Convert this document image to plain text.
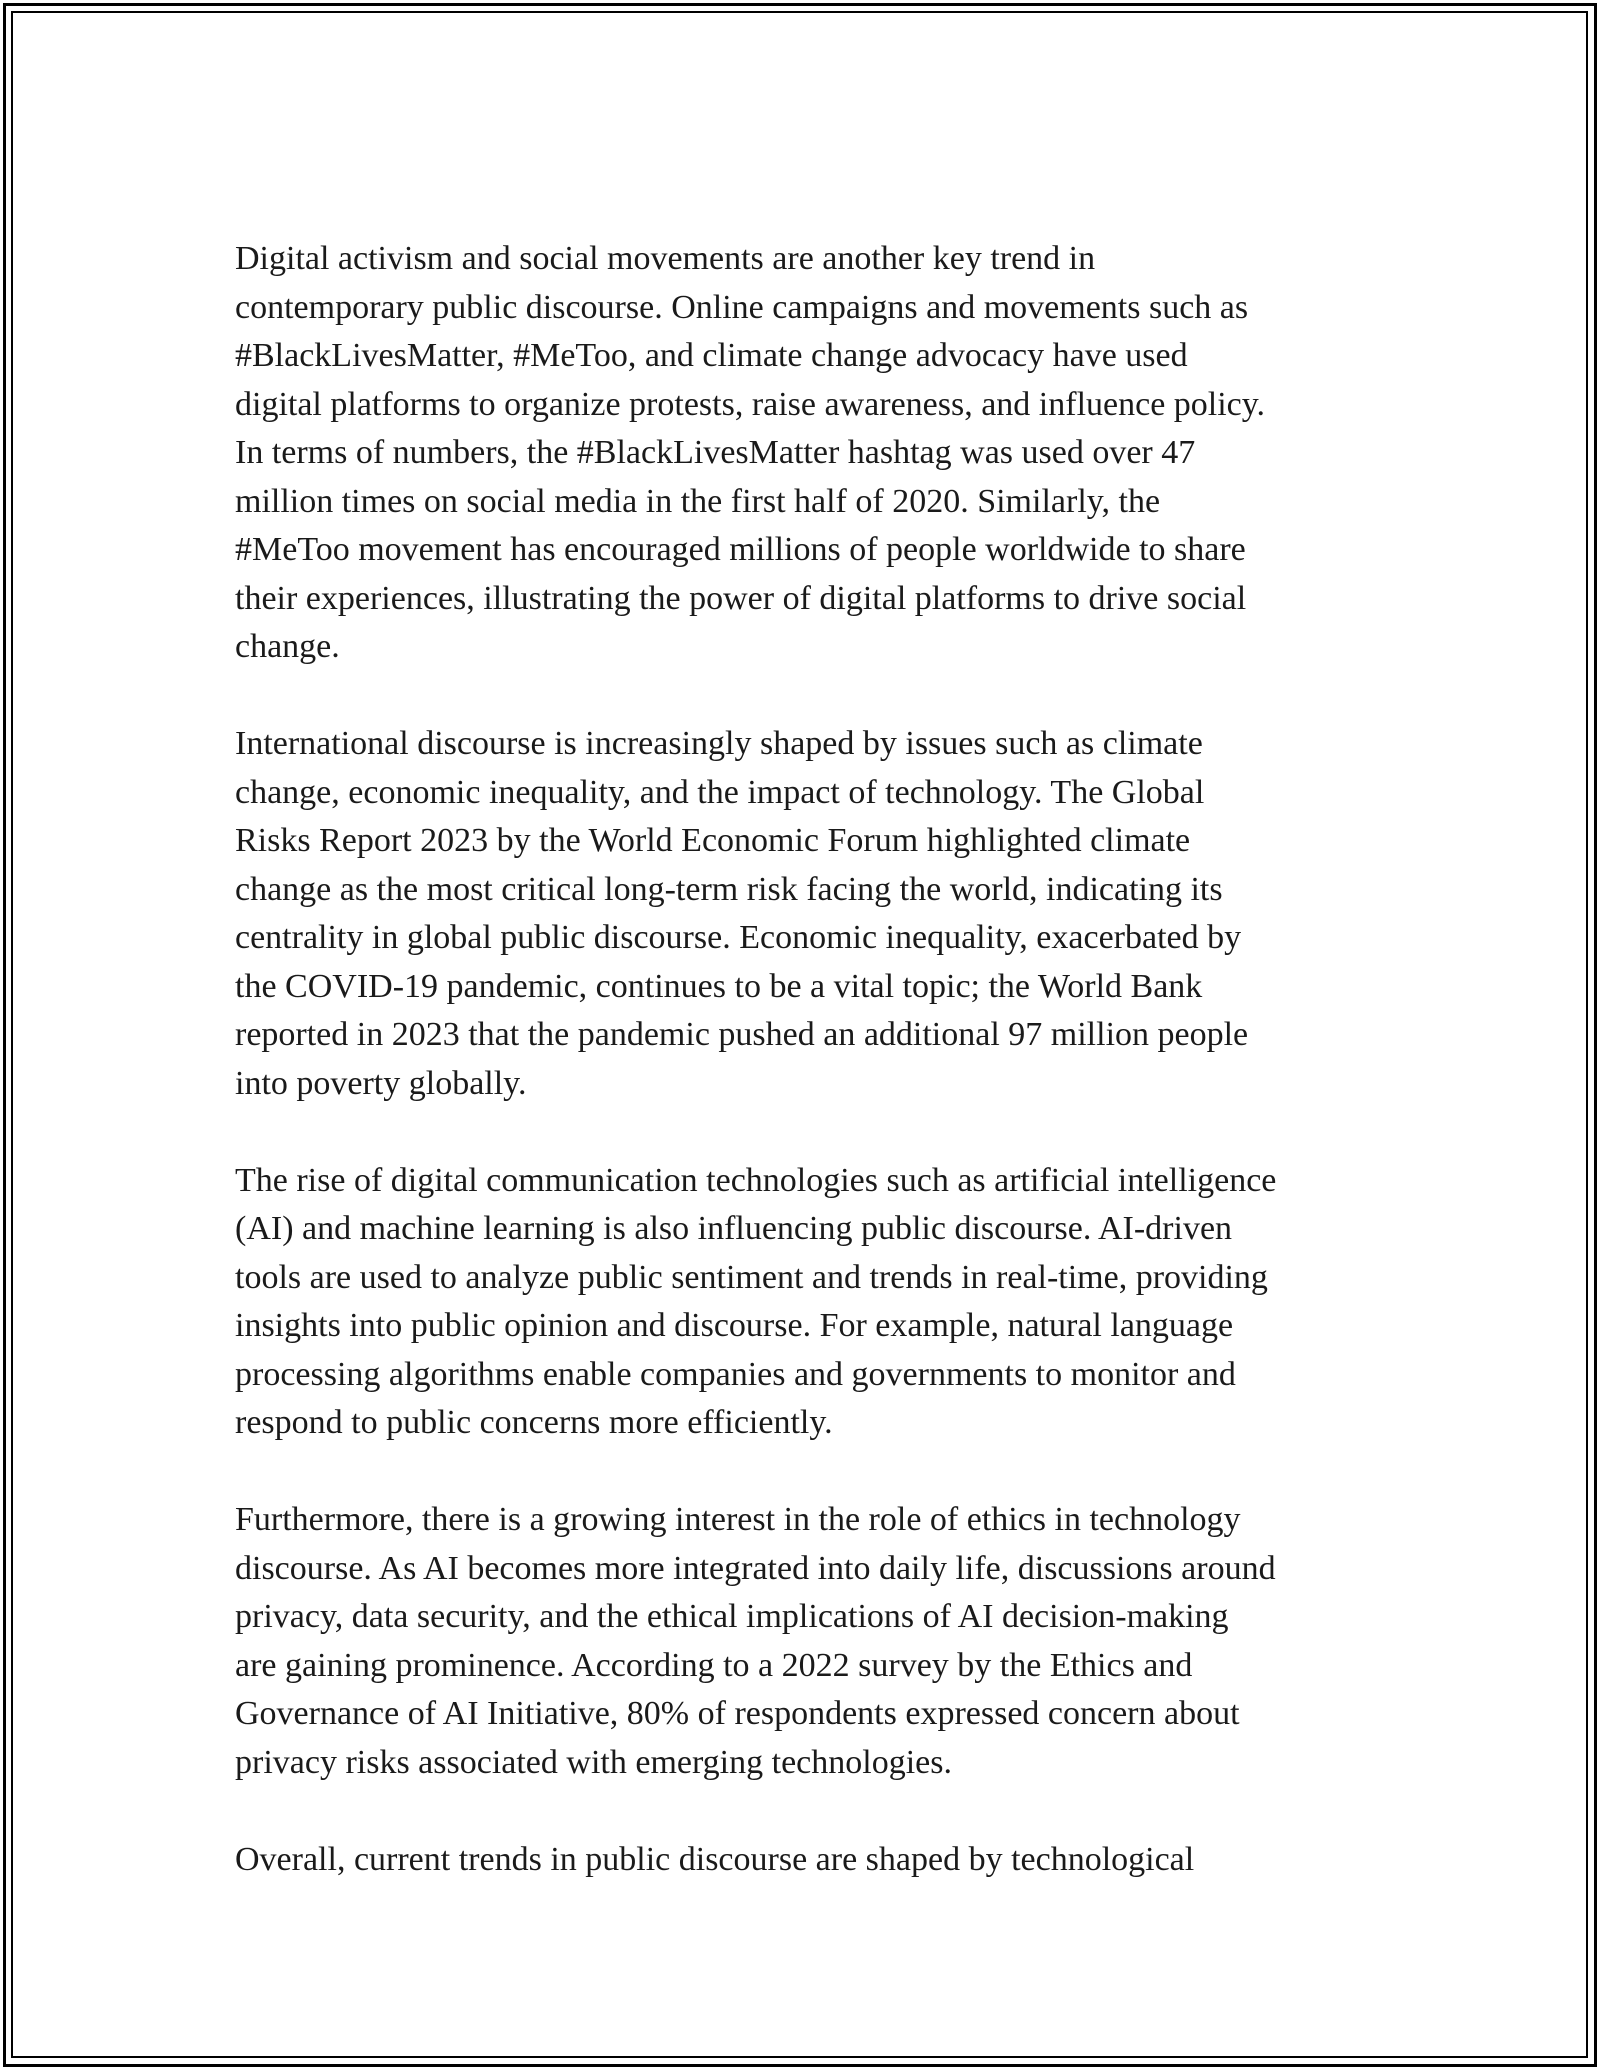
Digital activism and social movements are another key trend in
contemporary public discourse. Online campaigns and movements such as
#BlackLivesMatter, #MeToo, and climate change advocacy have used
digital platforms to organize protests, raise awareness, and influence policy.
In terms of numbers, the #BlackLivesMatter hashtag was used over 47
million times on social media in the first half of 2020. Similarly, the
#MeToo movement has encouraged millions of people worldwide to share
their experiences, illustrating the power of digital platforms to drive social
change.

International discourse is increasingly shaped by issues such as climate
change, economic inequality, and the impact of technology. The Global
Risks Report 2023 by the World Economic Forum highlighted climate
change as the most critical long-term risk facing the world, indicating its
centrality in global public discourse. Economic inequality, exacerbated by
the COVID-19 pandemic, continues to be a vital topic; the World Bank
reported in 2023 that the pandemic pushed an additional 97 million people
into poverty globally.

The rise of digital communication technologies such as artificial intelligence
(AI) and machine learning is also influencing public discourse. AI-driven
tools are used to analyze public sentiment and trends in real-time, providing
insights into public opinion and discourse. For example, natural language
processing algorithms enable companies and governments to monitor and
respond to public concerns more efficiently.

Furthermore, there is a growing interest in the role of ethics in technology
discourse. As AI becomes more integrated into daily life, discussions around
privacy, data security, and the ethical implications of AI decision-making
are gaining prominence. According to a 2022 survey by the Ethics and
Governance of AI Initiative, 80% of respondents expressed concern about
privacy risks associated with emerging technologies.

Overall, current trends in public discourse are shaped by technological
